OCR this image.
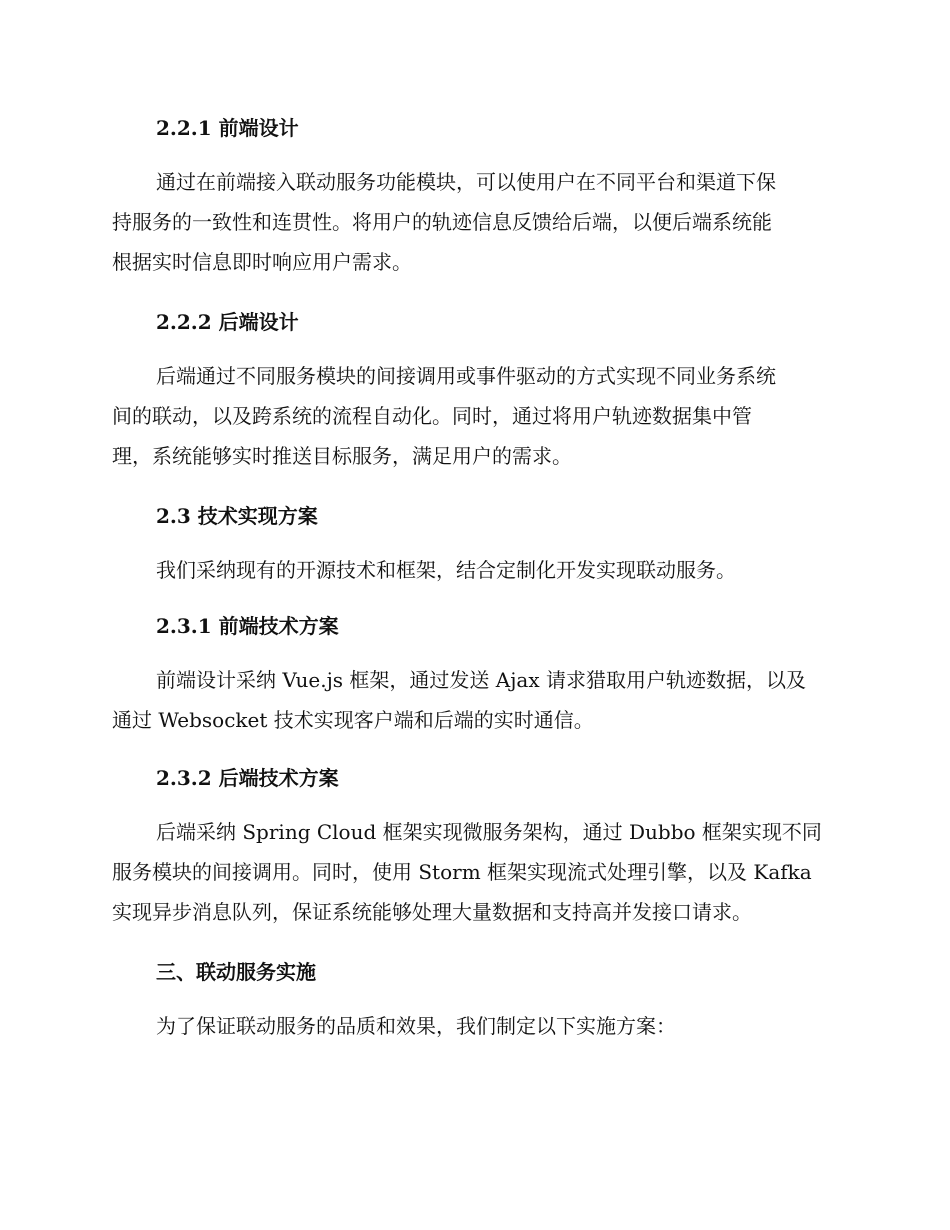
2.2.1 前端设计
通过在前端接入联动服务功能模块，可以使用户在不同平台和渠道下保
持服务的一致性和连贯性。将用户的轨迹信息反馈给后端，以便后端系统能
根据实时信息即时响应用户需求。
2.2.2 后端设计
后端通过不同服务模块的间接调用或事件驱动的方式实现不同业务系统
间的联动，以及跨系统的流程自动化。同时，通过将用户轨迹数据集中管
理，系统能够实时推送目标服务，满足用户的需求。
2.3 技术实现方案
我们采纳现有的开源技术和框架，结合定制化开发实现联动服务。
2.3.1 前端技术方案
前端设计采纳 Vue.js 框架，通过发送 Ajax 请求猎取用户轨迹数据，以及
通过 Websocket 技术实现客户端和后端的实时通信。
2.3.2 后端技术方案
后端采纳 Spring Cloud 框架实现微服务架构，通过 Dubbo 框架实现不同
服务模块的间接调用。同时，使用 Storm 框架实现流式处理引擎，以及 Kafka
实现异步消息队列，保证系统能够处理大量数据和支持高并发接口请求。
三、联动服务实施
为了保证联动服务的品质和效果，我们制定以下实施方案：
